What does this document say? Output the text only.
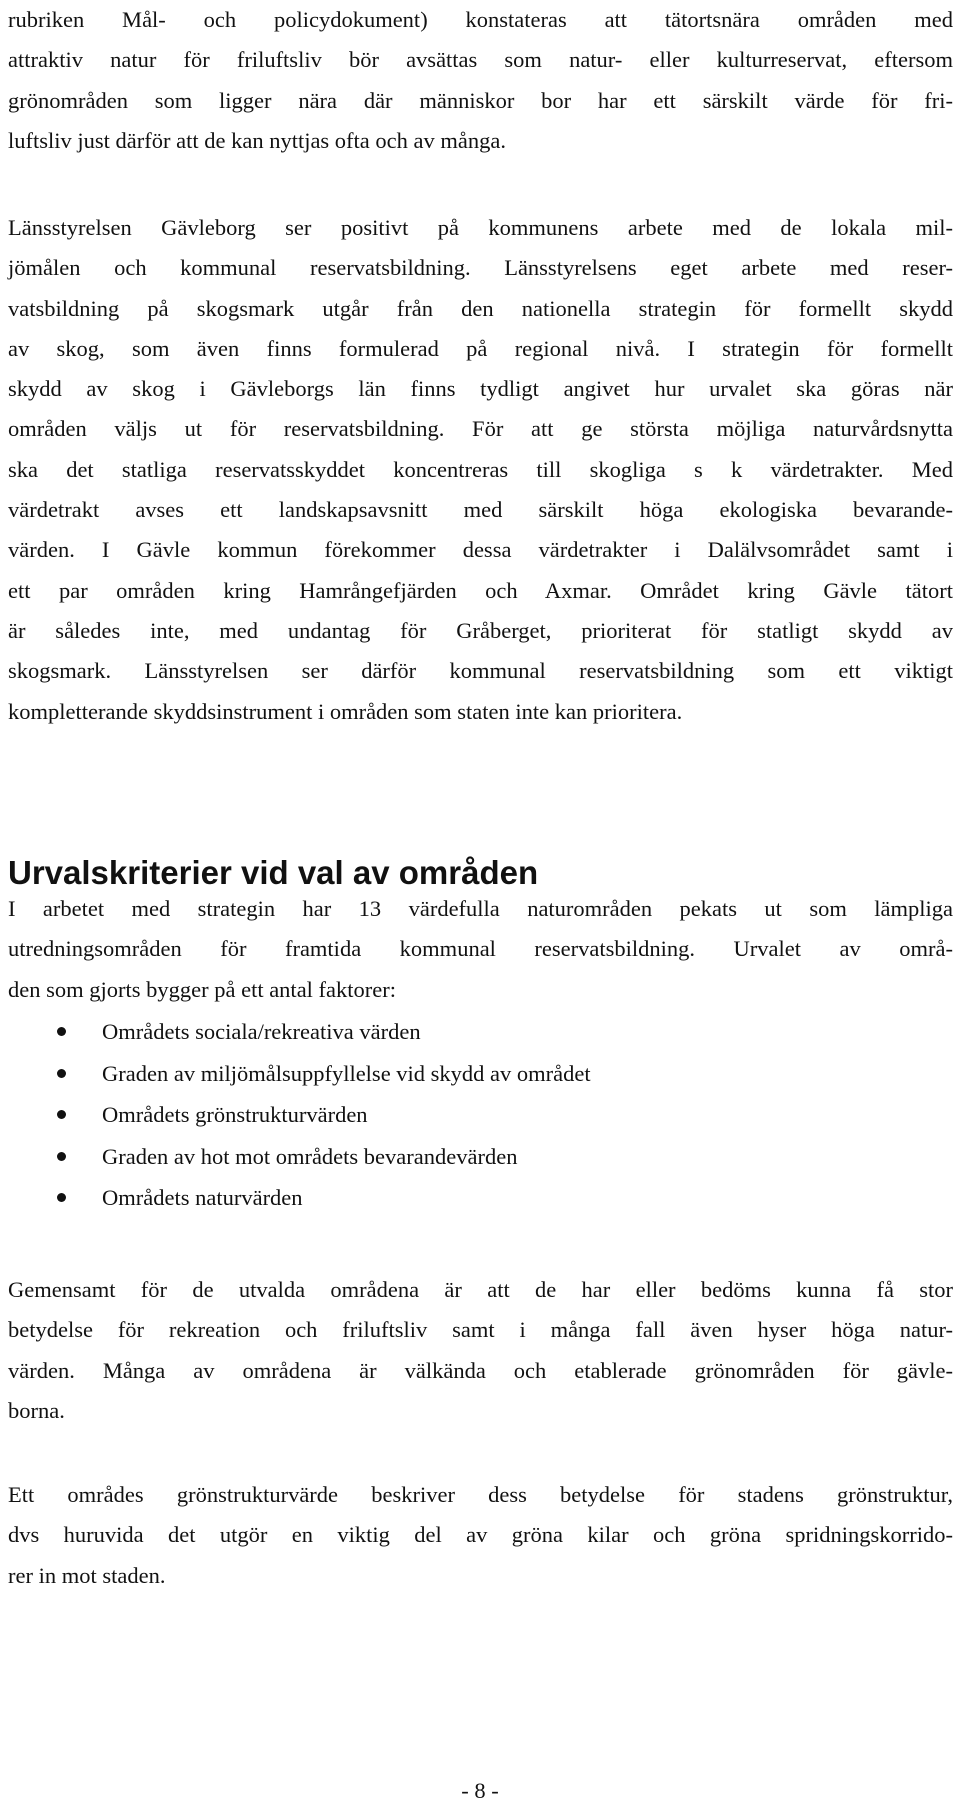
rubriken Mål- och policydokument) konstateras att tätortsnära områden med
attraktiv natur för friluftsliv bör avsättas som natur- eller kulturreservat, eftersom
grönområden som ligger nära där människor bor har ett särskilt värde för fri-
luftsliv just därför att de kan nyttjas ofta och av många.
Länsstyrelsen Gävleborg ser positivt på kommunens arbete med de lokala mil-
jömålen och kommunal reservatsbildning. Länsstyrelsens eget arbete med reser-
vatsbildning på skogsmark utgår från den nationella strategin för formellt skydd
av skog, som även finns formulerad på regional nivå. I strategin för formellt
skydd av skog i Gävleborgs län finns tydligt angivet hur urvalet ska göras när
områden väljs ut för reservatsbildning. För att ge största möjliga naturvårdsnytta
ska det statliga reservatsskyddet koncentreras till skogliga s k värdetrakter. Med
värdetrakt avses ett landskapsavsnitt med särskilt höga ekologiska bevarande-
värden. I Gävle kommun förekommer dessa värdetrakter i Dalälvsområdet samt i
ett par områden kring Hamrångefjärden och Axmar. Området kring Gävle tätort
är således inte, med undantag för Gråberget, prioriterat för statligt skydd av
skogsmark. Länsstyrelsen ser därför kommunal reservatsbildning som ett viktigt
kompletterande skyddsinstrument i områden som staten inte kan prioritera.
Urvalskriterier vid val av områden
I arbetet med strategin har 13 värdefulla naturområden pekats ut som lämpliga
utredningsområden för framtida kommunal reservatsbildning. Urvalet av områ-
den som gjorts bygger på ett antal faktorer:
Områdets sociala/rekreativa värden
Graden av miljömålsuppfyllelse vid skydd av området
Områdets grönstrukturvärden
Graden av hot mot områdets bevarandevärden
Områdets naturvärden
Gemensamt för de utvalda områdena är att de har eller bedöms kunna få stor
betydelse för rekreation och friluftsliv samt i många fall även hyser höga natur-
värden. Många av områdena är välkända och etablerade grönområden för gävle-
borna.
Ett områdes grönstrukturvärde beskriver dess betydelse för stadens grönstruktur,
dvs huruvida det utgör en viktig del av gröna kilar och gröna spridningskorrido-
rer in mot staden.
- 8 -
